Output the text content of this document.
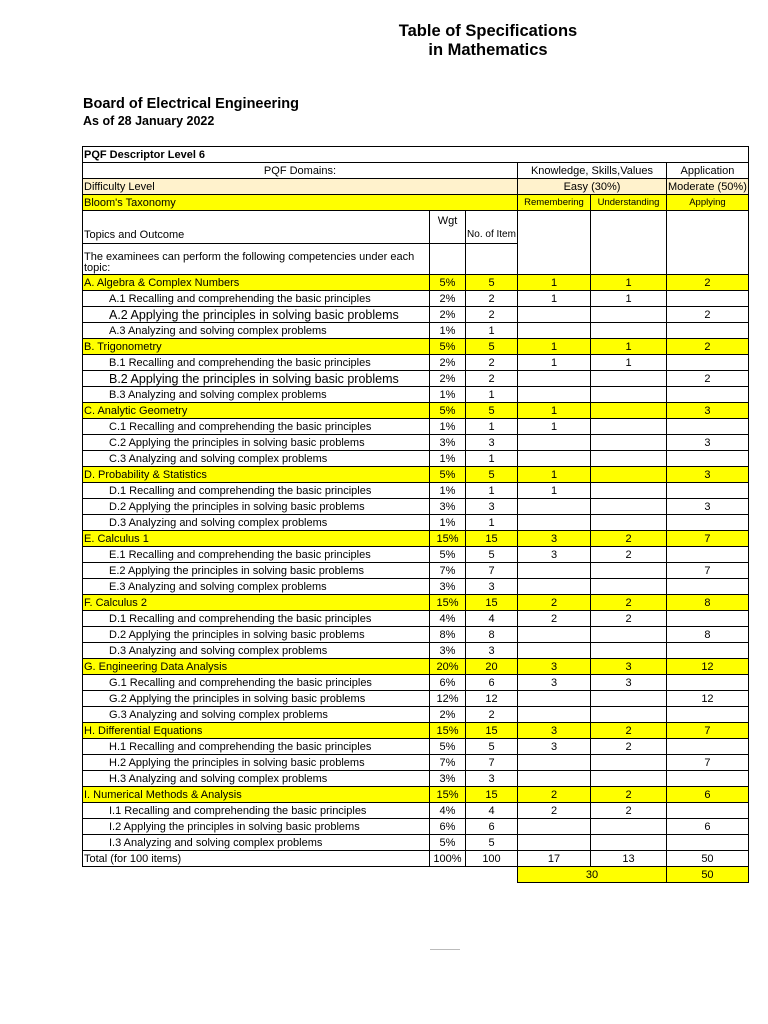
Table of Specifications
in Mathematics
Board of Electrical Engineering
As of 28 January 2022
PQF Descriptor Level 6					
PQF Domains:			Knowledge, Skills,Values		Application
Difficulty Level			Easy (30%)		Moderate (50%)
Bloom's Taxonomy			Remembering	Understanding	Applying
Topics and Outcome	Wgt	No. of Item			
The examinees can perform the following competencies under each topic:					
A. Algebra & Complex Numbers	5%	5	1	1	2
A.1 Recalling and comprehending the basic principles	2%	2	1	1	
A.2 Applying the principles in solving basic problems	2%	2			2
A.3 Analyzing and solving complex problems	1%	1			
B. Trigonometry	5%	5	1	1	2
B.1 Recalling and comprehending the basic principles	2%	2	1	1	
B.2 Applying the principles in solving basic problems	2%	2			2
B.3 Analyzing and solving complex problems	1%	1			
C. Analytic Geometry	5%	5	1		3
C.1 Recalling and comprehending the basic principles	1%	1	1		
C.2 Applying the principles in solving basic problems	3%	3			3
C.3 Analyzing and solving complex problems	1%	1			
D. Probability & Statistics	5%	5	1		3
D.1 Recalling and comprehending the basic principles	1%	1	1		
D.2 Applying the principles in solving basic problems	3%	3			3
D.3 Analyzing and solving complex problems	1%	1			
E. Calculus 1	15%	15	3	2	7
E.1 Recalling and comprehending the basic principles	5%	5	3	2	
E.2 Applying the principles in solving basic problems	7%	7			7
E.3 Analyzing and solving complex problems	3%	3			
F. Calculus 2	15%	15	2	2	8
D.1 Recalling and comprehending the basic principles	4%	4	2	2	
D.2 Applying the principles in solving basic problems	8%	8			8
D.3 Analyzing and solving complex problems	3%	3			
G. Engineering Data Analysis	20%	20	3	3	12
G.1 Recalling and comprehending the basic principles	6%	6	3	3	
G.2 Applying the principles in solving basic problems	12%	12			12
G.3 Analyzing and solving complex problems	2%	2			
H. Differential Equations	15%	15	3	2	7
H.1 Recalling and comprehending the basic principles	5%	5	3	2	
H.2 Applying the principles in solving basic problems	7%	7			7
H.3 Analyzing and solving complex problems	3%	3			
I. Numerical Methods & Analysis	15%	15	2	2	6
I.1 Recalling and comprehending the basic principles	4%	4	2	2	
I.2 Applying the principles in solving basic problems	6%	6			6
I.3 Analyzing and solving complex problems	5%	5			
Total (for 100 items)	100%	100	17	13	50
			30		50
